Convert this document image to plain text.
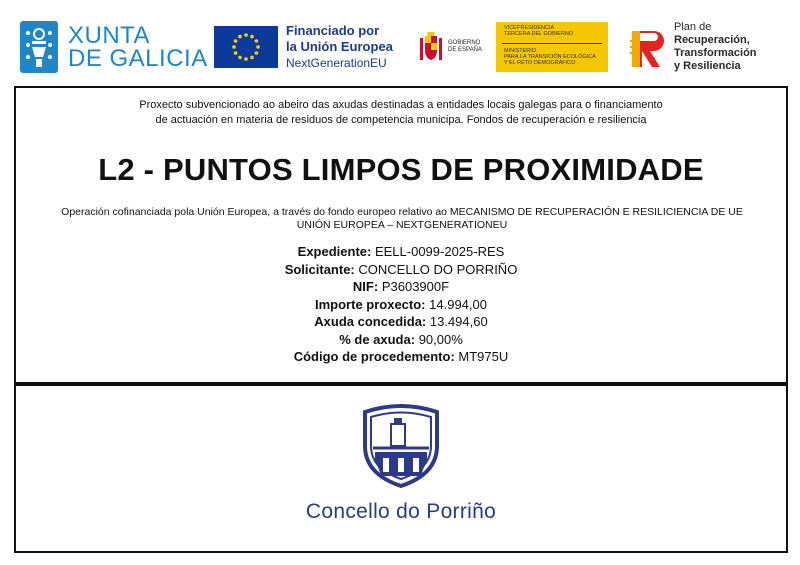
XUNTA
DE GALICIA
Financiado por
la Unión Europea
NextGenerationEU
GOBIERNO
DE ESPAÑA
VICEPRESIDENCIA
TERCERA DEL GOBIERNO
MINISTERIO
PARA LA TRANSICIÓN ECOLÓGICA
Y EL RETO DEMOGRÁFICO
Plan de
Recuperación,
Transformación
y Resiliencia
Proxecto subvencionado ao abeiro das axudas destinadas a entidades locais galegas para o financiamento
de actuación en materia de residuos de competencia municipa. Fondos de recuperación e resiliencia
L2 - PUNTOS LIMPOS DE PROXIMIDADE
Operación cofinanciada pola Unión Europea, a través do fondo europeo relativo ao MECANISMO DE RECUPERACIÓN E RESILICIENCIA DE UE
UNIÓN EUROPEA – NEXTGENERATIONEU
Expediente: EELL-0099-2025-RES
Solicitante: CONCELLO DO PORRIÑO
NIF: P3603900F
Importe proxecto: 14.994,00
Axuda concedida: 13.494,60
% de axuda: 90,00%
Código de procedemento: MT975U
Concello do Porriño
